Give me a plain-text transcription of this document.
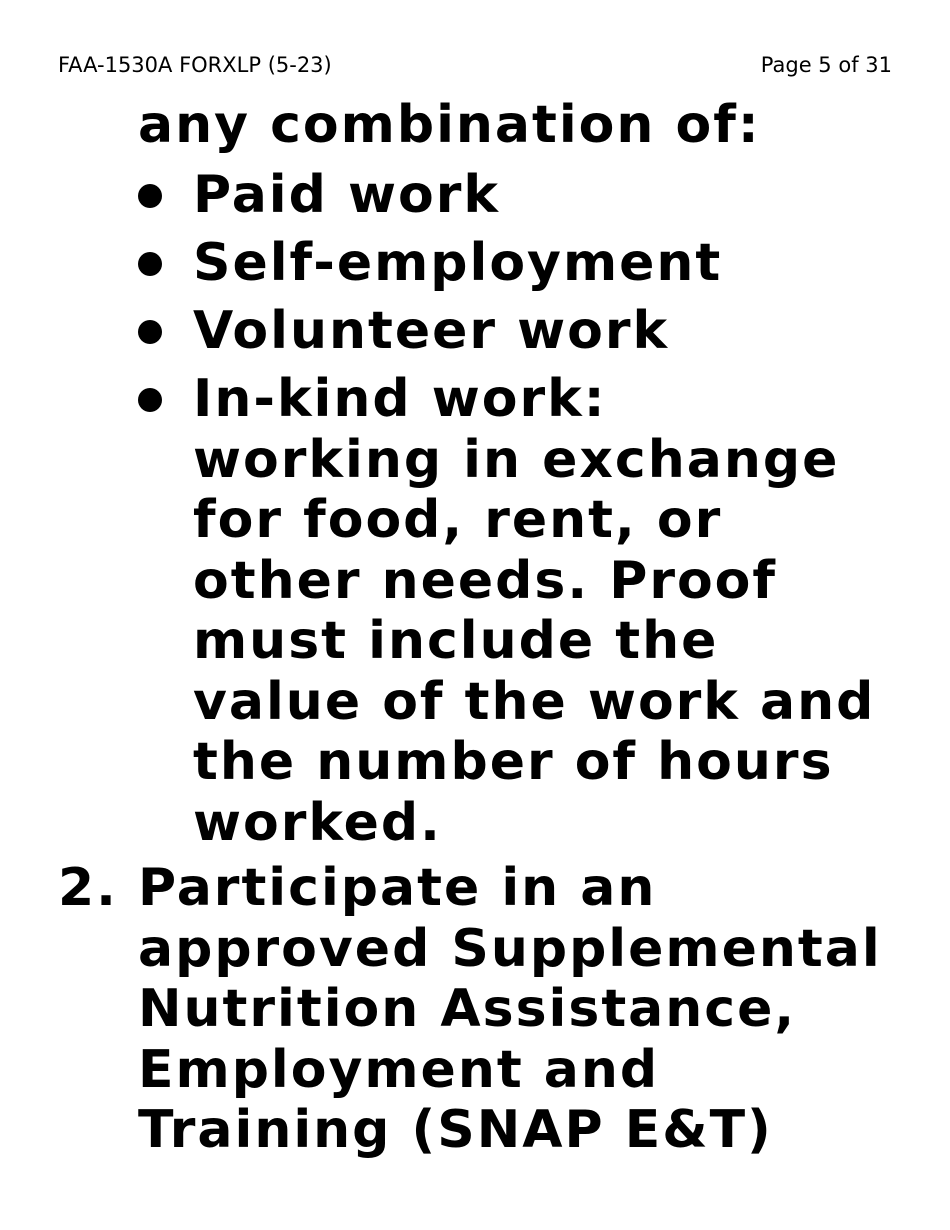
FAA-1530A FORXLP (5-23)	Page 5 of 31
any combination of:
Paid work
Self-employment
Volunteer work
In-kind work:
working in exchange
for food, rent, or
other needs. Proof
must include the
value of the work and
the number of hours
worked.
2. Participate in an
approved Supplemental
Nutrition Assistance,
Employment and
Training (SNAP E&T)
